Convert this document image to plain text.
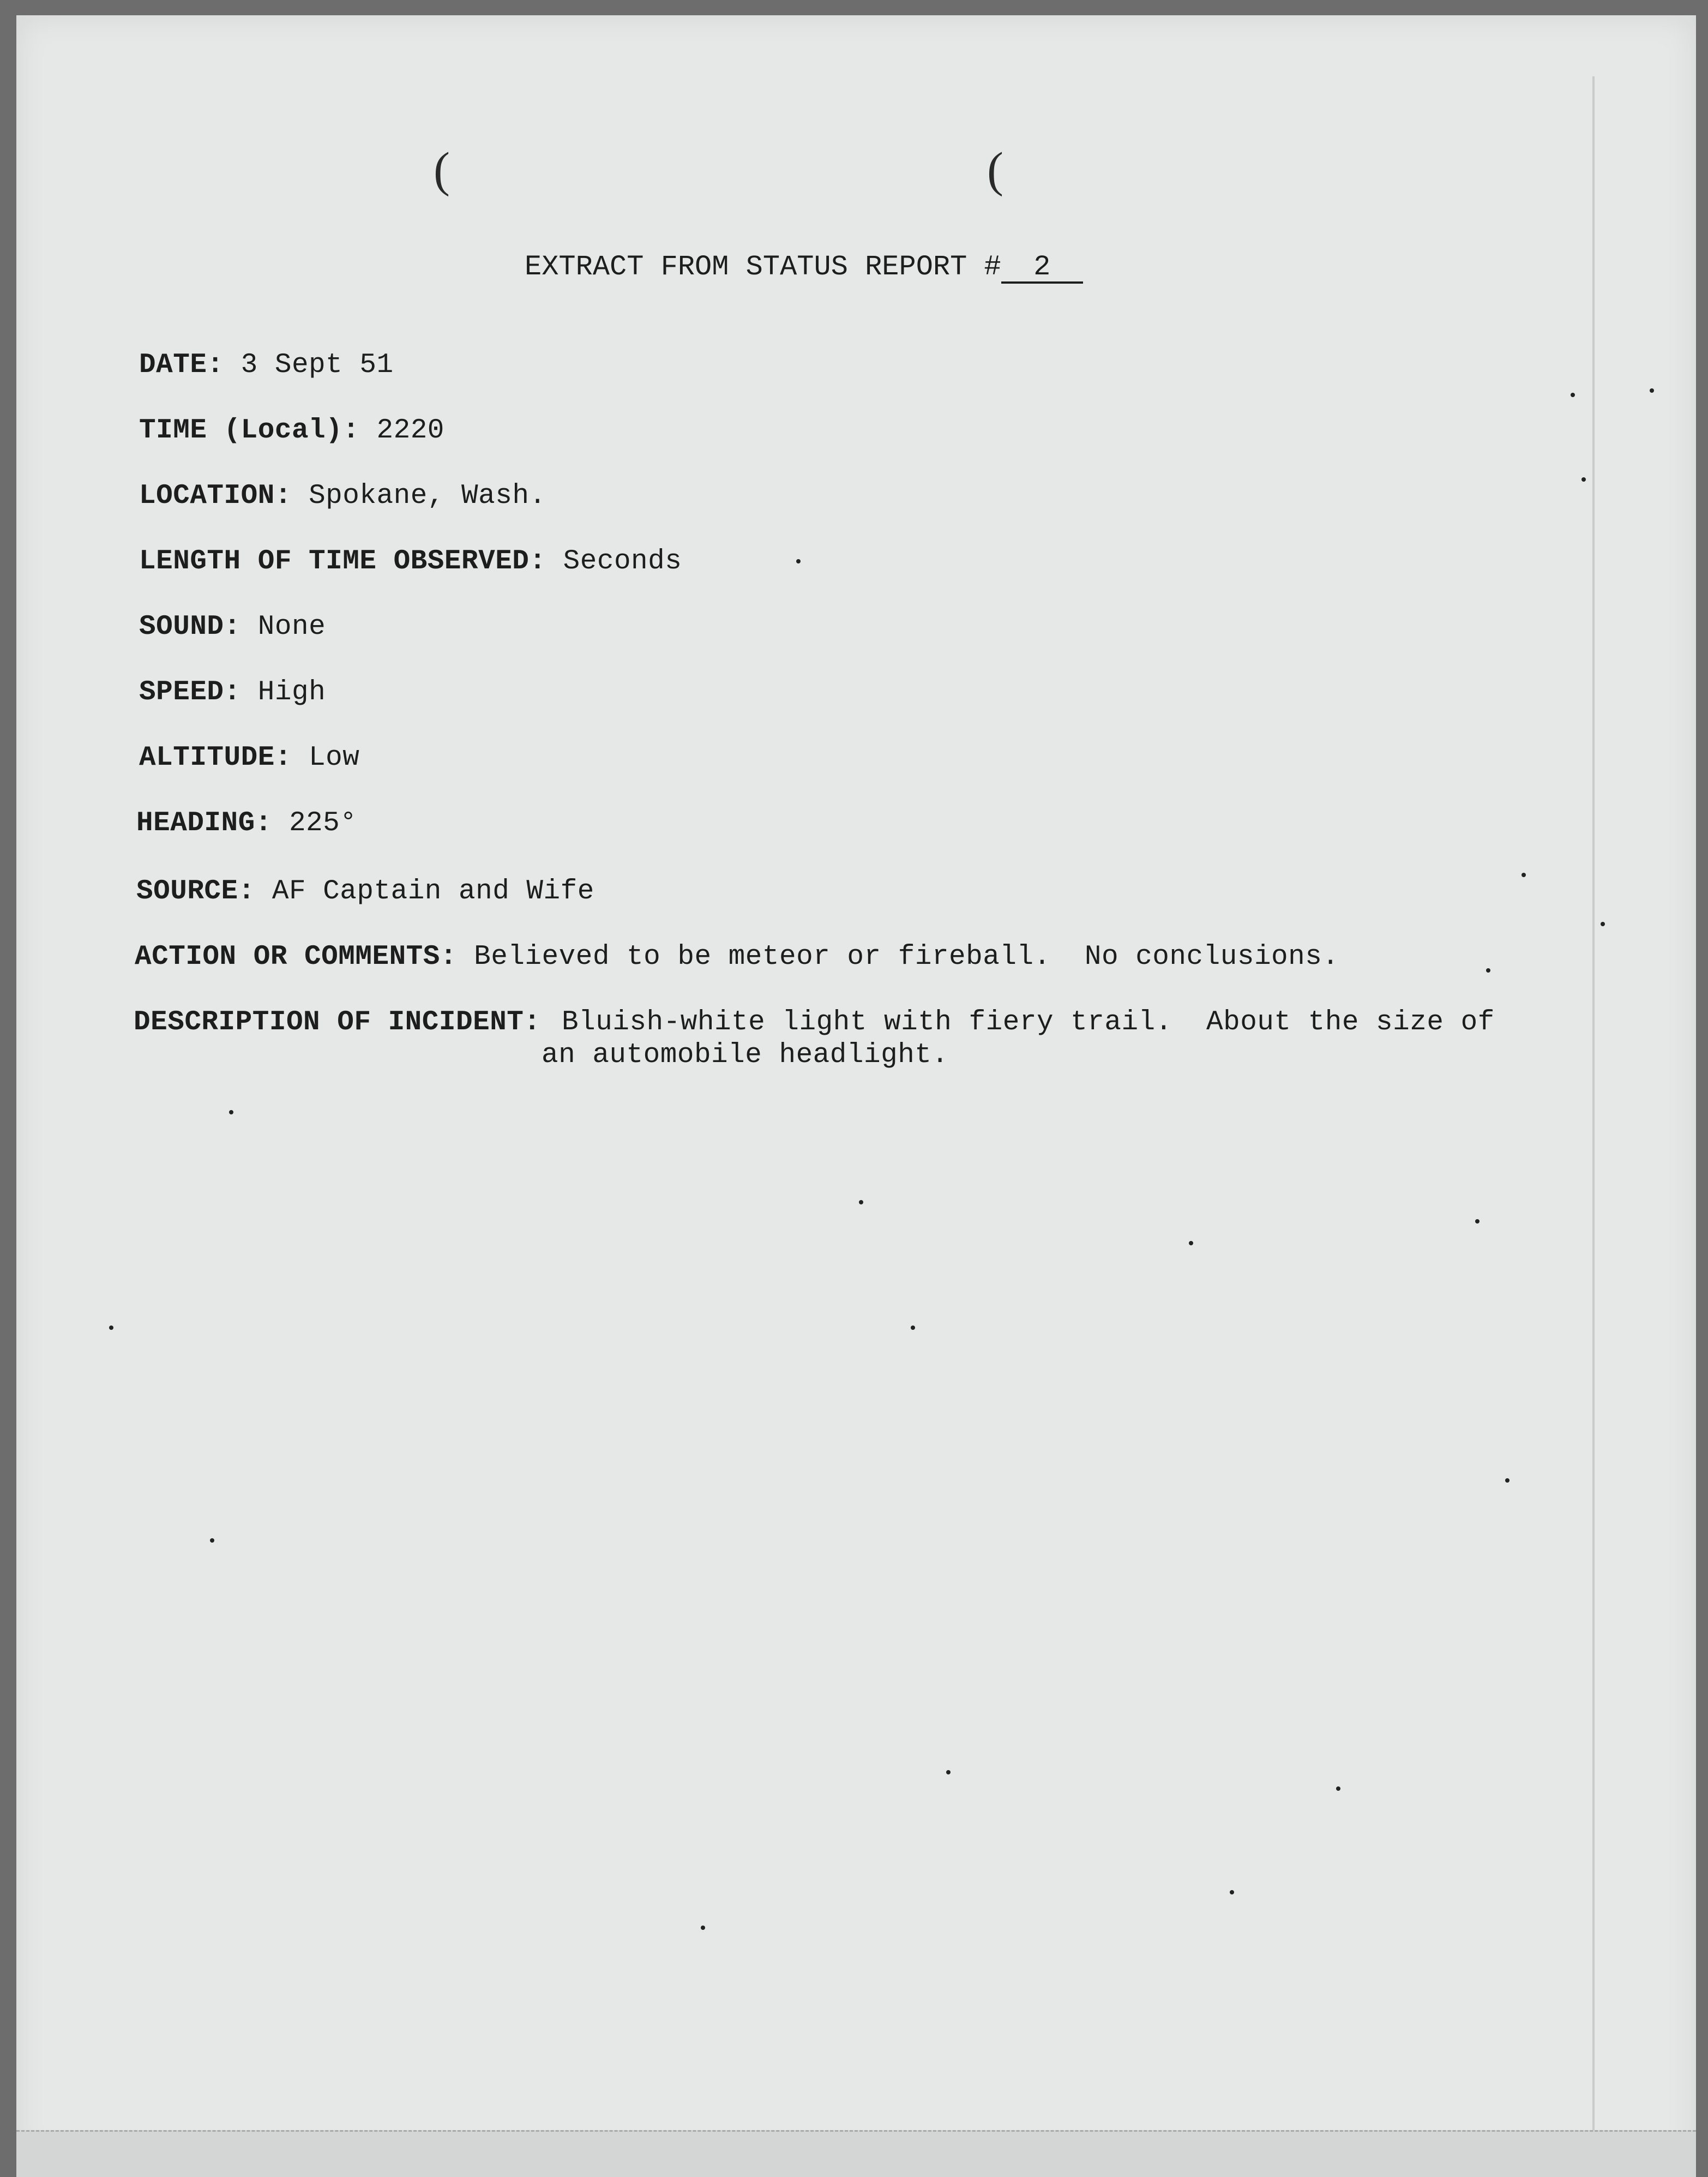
(	(
EXTRACT FROM STATUS REPORT # 2
DATE: 3 Sept 51
TIME (Local): 2220
LOCATION: Spokane, Wash.
LENGTH OF TIME OBSERVED: Seconds
SOUND: None
SPEED: High
ALTITUDE: Low
HEADING: 225°
SOURCE: AF Captain and Wife
ACTION OR COMMENTS: Believed to be meteor or fireball.  No conclusions.
DESCRIPTION OF INCIDENT: Bluish-white light with fiery trail.  About the size of
an automobile headlight.
